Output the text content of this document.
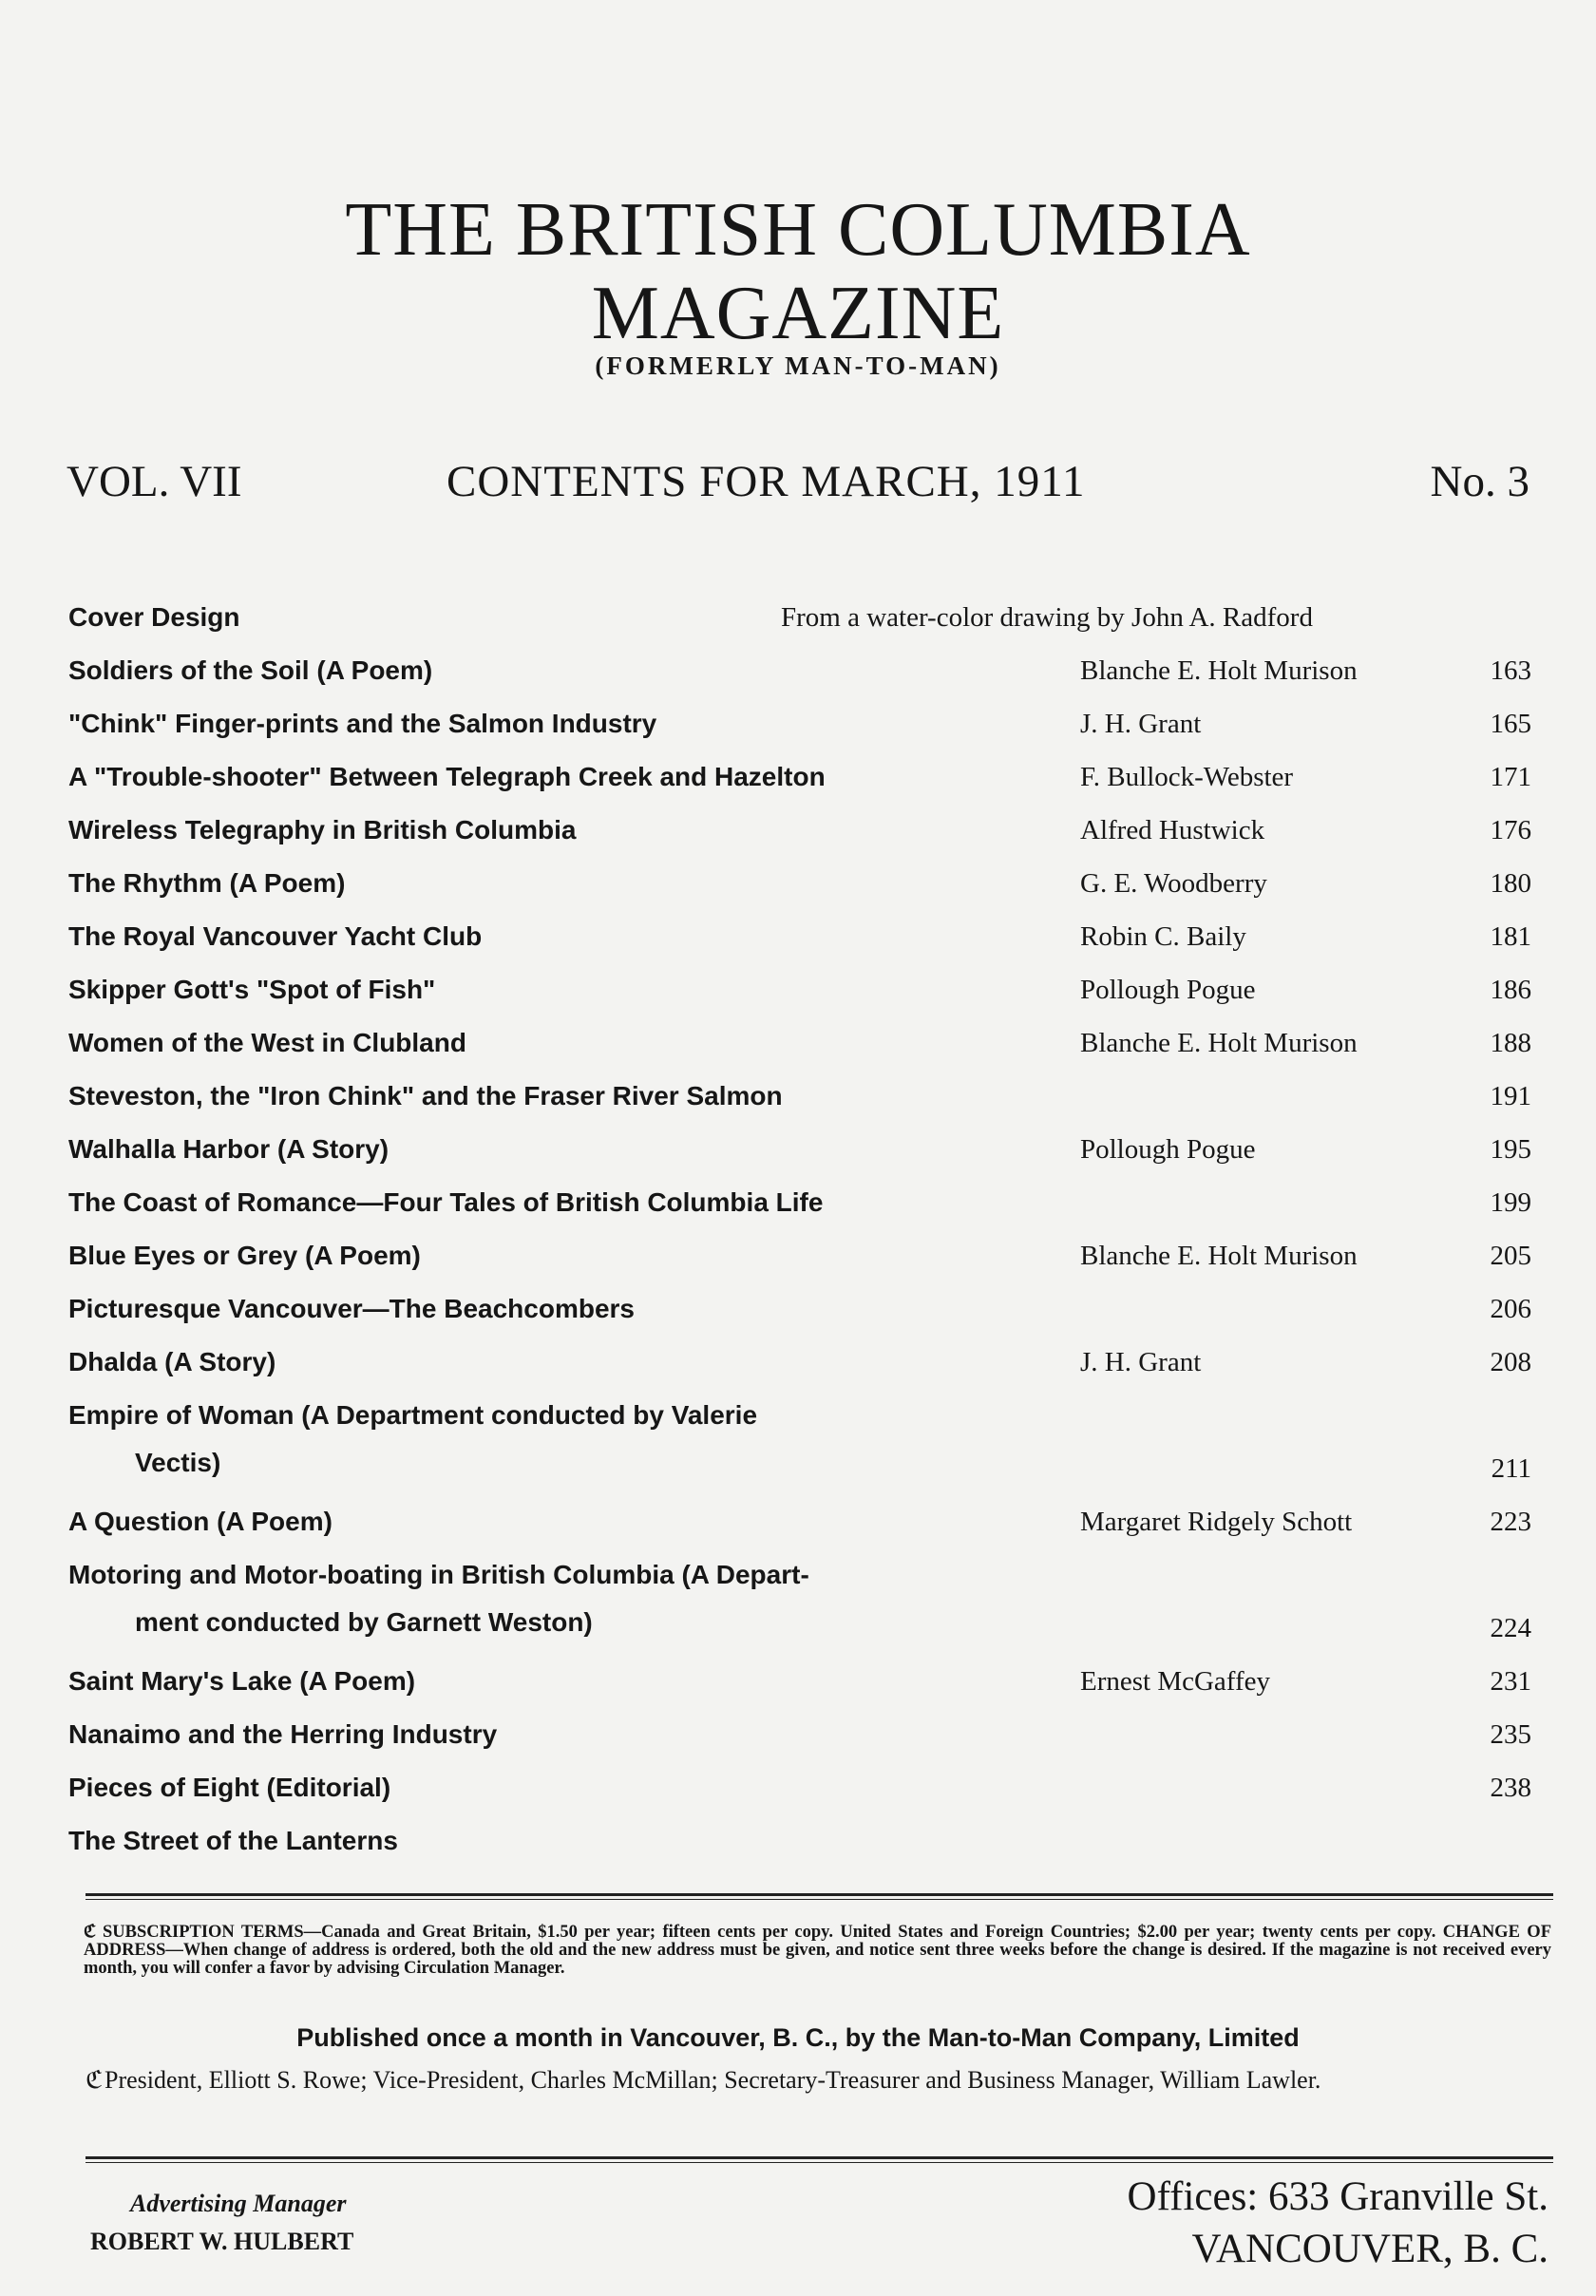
THE BRITISH COLUMBIA
MAGAZINE
(FORMERLY MAN-TO-MAN)
VOL. VII	CONTENTS FOR MARCH, 1911	No. 3
Cover Design	From a water-color drawing by John A. Radford
Soldiers of the Soil (A Poem)	Blanche E. Holt Murison	163
"Chink" Finger-prints and the Salmon Industry	J. H. Grant	165
A "Trouble-shooter" Between Telegraph Creek and Hazelton	F. Bullock-Webster	171
Wireless Telegraphy in British Columbia	Alfred Hustwick	176
The Rhythm (A Poem)	G. E. Woodberry	180
The Royal Vancouver Yacht Club	Robin C. Baily	181
Skipper Gott's "Spot of Fish"	Pollough Pogue	186
Women of the West in Clubland	Blanche E. Holt Murison	188
Steveston, the "Iron Chink" and the Fraser River Salmon	191
Walhalla Harbor (A Story)	Pollough Pogue	195
The Coast of Romance—Four Tales of British Columbia Life	199
Blue Eyes or Grey (A Poem)	Blanche E. Holt Murison	205
Picturesque Vancouver—The Beachcombers	206
Dhalda (A Story)	J. H. Grant	208
Empire of Woman (A Department conducted by Valerie
Vectis)	211
A Question (A Poem)	Margaret Ridgely Schott	223
Motoring and Motor-boating in British Columbia (A Depart-
ment conducted by Garnett Weston)	224
Saint Mary's Lake (A Poem)	Ernest McGaffey	231
Nanaimo and the Herring Industry	235
Pieces of Eight (Editorial)	238
The Street of the Lanterns
ℭ SUBSCRIPTION TERMS—Canada and Great Britain, $1.50 per year; fifteen cents per copy. United States and Foreign Countries; $2.00 per year; twenty cents per copy. CHANGE OF ADDRESS—When change of address is ordered, both the old and the new address must be given, and notice sent three weeks before the change is desired. If the magazine is not received every month, you will confer a favor by advising Circulation Manager.
Published once a month in Vancouver, B. C., by the Man-to-Man Company, Limited
ℭPresident, Elliott S. Rowe; Vice-President, Charles McMillan; Secretary-Treasurer and Business Manager, William Lawler.
Advertising Manager
ROBERT W. HULBERT
Offices: 633 Granville St.
VANCOUVER, B. C.
